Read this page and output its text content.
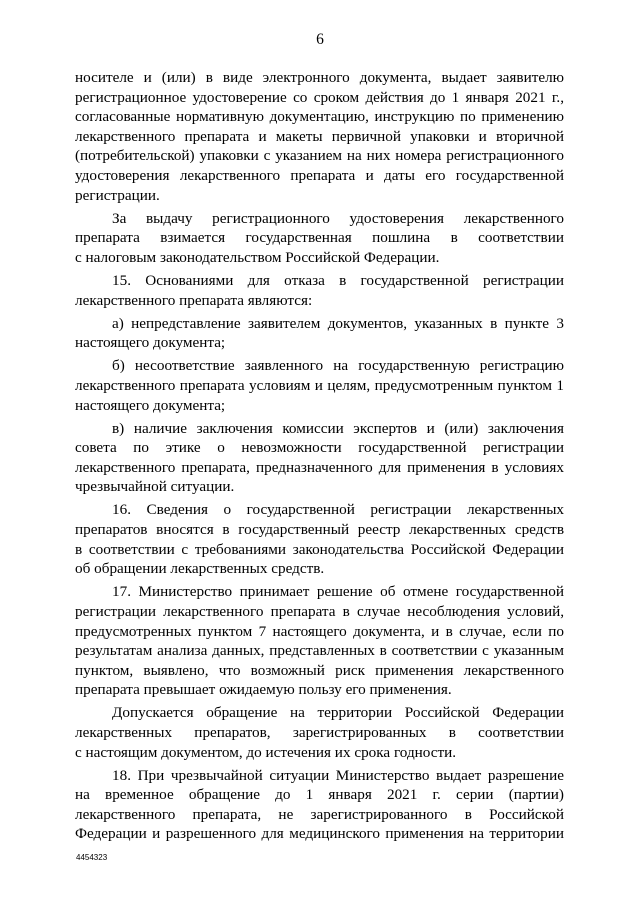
6
носителе и (или) в виде электронного документа, выдает заявителю
регистрационное удостоверение со сроком действия до 1 января 2021 г.,
согласованные нормативную документацию, инструкцию по применению
лекарственного препарата и макеты первичной упаковки и вторичной
(потребительской) упаковки с указанием на них номера регистрационного
удостоверения лекарственного препарата и даты его государственной
регистрации.
За выдачу регистрационного удостоверения лекарственного
препарата взимается государственная пошлина в соответствии
с налоговым законодательством Российской Федерации.
15. Основаниями для отказа в государственной регистрации
лекарственного препарата являются:
а) непредставление заявителем документов, указанных в пункте 3
настоящего документа;
б) несоответствие заявленного на государственную регистрацию
лекарственного препарата условиям и целям, предусмотренным пунктом 1
настоящего документа;
в) наличие заключения комиссии экспертов и (или) заключения
совета по этике о невозможности государственной регистрации
лекарственного препарата, предназначенного для применения в условиях
чрезвычайной ситуации.
16. Сведения о государственной регистрации лекарственных
препаратов вносятся в государственный реестр лекарственных средств
в соответствии с требованиями законодательства Российской Федерации
об обращении лекарственных средств.
17. Министерство принимает решение об отмене государственной
регистрации лекарственного препарата в случае несоблюдения условий,
предусмотренных пунктом 7 настоящего документа, и в случае, если по
результатам анализа данных, представленных в соответствии с указанным
пунктом, выявлено, что возможный риск применения лекарственного
препарата превышает ожидаемую пользу его применения.
Допускается обращение на территории Российской Федерации
лекарственных препаратов, зарегистрированных в соответствии
с настоящим документом, до истечения их срока годности.
18. При чрезвычайной ситуации Министерство выдает разрешение
на временное обращение до 1 января 2021 г. серии (партии)
лекарственного препарата, не зарегистрированного в Российской
Федерации и разрешенного для медицинского применения на территории
4454323
